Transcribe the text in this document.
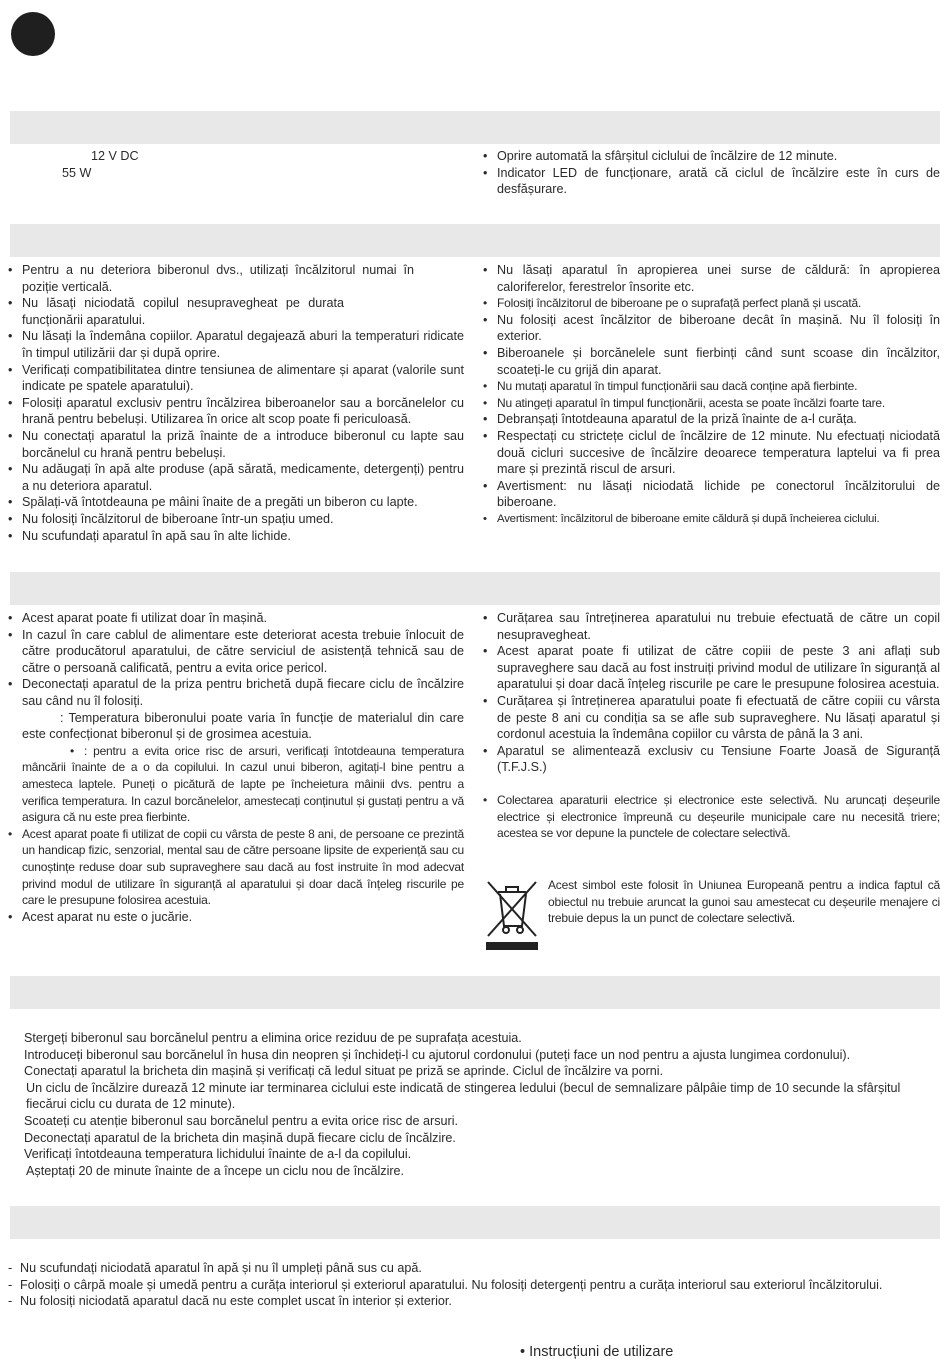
12 V DC
55 W
• Oprire automată la sfârșitul ciclului de încălzire de 12 minute.
• Indicator LED de funcționare, arată că ciclul de încălzire este în curs de desfășurare.
• Pentru a nu deteriora biberonul dvs., utilizați încălzitorul numai în poziție verticală.
• Nu lăsați niciodată copilul nesupravegheat pe durata funcționării aparatului.
• Nu lăsați la îndemâna copiilor. Aparatul degajează aburi la temperaturi ridicate în timpul utilizării dar și după oprire.
• Verificați compatibilitatea dintre tensiunea de alimentare și aparat (valorile sunt indicate pe spatele aparatului).
• Folosiți aparatul exclusiv pentru încălzirea biberoanelor sau a borcănelelor cu hrană pentru bebeluși. Utilizarea în orice alt scop poate fi periculoasă.
• Nu conectați aparatul la priză înainte de a introduce biberonul cu lapte sau borcănelul cu hrană pentru bebeluși.
• Nu adăugați în apă alte produse (apă sărată, medicamente, detergenți) pentru a nu deteriora aparatul.
• Spălați-vă întotdeauna pe mâini înaite de a pregăti un biberon cu lapte.
• Nu folosiți încălzitorul de biberoane într-un spațiu umed.
• Nu scufundați aparatul în apă sau în alte lichide.
• Nu lăsați aparatul în apropierea unei surse de căldură: în apropierea caloriferelor, ferestrelor însorite etc.
• Folosiți încălzitorul de biberoane pe o suprafață perfect plană și uscată.
• Nu folosiți acest încălzitor de biberoane decât în mașină. Nu îl folosiți în exterior.
• Biberoanele și borcănelele sunt fierbinți când sunt scoase din încălzitor, scoateți-le cu grijă din aparat.
• Nu mutați aparatul în timpul funcționării sau dacă conține apă fierbinte.
• Nu atingeți aparatul în timpul funcționării, acesta se poate încălzi foarte tare.
• Debranșați întotdeauna aparatul de la priză înainte de a-l curăța.
• Respectați cu strictețe ciclul de încălzire de 12 minute. Nu efectuați niciodată două cicluri succesive de încălzire deoarece temperatura laptelui va fi prea mare și prezintă riscul de arsuri.
• Avertisment: nu lăsați niciodată lichide pe conectorul încălzitorului de biberoane.
• Avertisment: încălzitorul de biberoane emite căldură și după încheierea ciclului.
• Acest aparat poate fi utilizat doar în mașină.
• In cazul în care cablul de alimentare este deteriorat acesta trebuie înlocuit de către producătorul aparatului, de către serviciul de asistență tehnică sau de către o persoană calificată, pentru a evita orice pericol.
• Deconectați aparatul de la priza pentru brichetă după fiecare ciclu de încălzire sau când nu îl folosiți.
: Temperatura biberonului poate varia în funcție de materialul din care este confecționat biberonul și de grosimea acestuia.
• : pentru a evita orice risc de arsuri, verificați întotdeauna temperatura mâncării înainte de a o da copilului. In cazul unui biberon, agitați-l bine pentru a amesteca laptele. Puneți o picătură de lapte pe încheietura mâinii dvs. pentru a verifica temperatura. In cazul borcănelelor, amestecați conținutul și gustați pentru a vă asigura că nu este prea fierbinte.
• Acest aparat poate fi utilizat de copii cu vârsta de peste 8 ani, de persoane ce prezintă un handicap fizic, senzorial, mental sau de către persoane lipsite de experiență sau cu cunoștințe reduse doar sub supraveghere sau dacă au fost instruite în mod adecvat privind modul de utilizare în siguranță al aparatului și doar dacă înțeleg riscurile pe care le presupune folosirea acestuia.
• Acest aparat nu este o jucărie.
• Curățarea sau întreținerea aparatului nu trebuie efectuată de către un copil nesupravegheat.
• Acest aparat poate fi utilizat de către copiii de peste 3 ani aflați sub supraveghere sau dacă au fost instruiți privind modul de utilizare în siguranță al aparatului și doar dacă înțeleg riscurile pe care le presupune folosirea acestuia.
• Curățarea și întreținerea aparatului poate fi efectuată de către copiii cu vârsta de peste 8 ani cu condiția sa se afle sub supraveghere. Nu lăsați aparatul și cordonul acestuia la îndemâna copiilor cu vârsta de până la 3 ani.
• Aparatul se alimentează exclusiv cu Tensiune Foarte Joasă de Siguranță (T.F.J.S.)
• Colectarea aparaturii electrice și electronice este selectivă. Nu aruncați deșeurile electrice și electronice împreună cu deșeurile municipale care nu necesită triere; acestea se vor depune la punctele de colectare selectivă.
Acest simbol este folosit în Uniunea Europeană pentru a indica faptul că obiectul nu trebuie aruncat la gunoi sau amestecat cu deșeurile menajere ci trebuie depus la un punct de colectare selectivă.

Stergeți biberonul sau borcănelul pentru a elimina orice reziduu de pe suprafața acestuia.

Introduceți biberonul sau borcănelul în husa din neopren și închideți-l cu ajutorul cordonului (puteți face un nod pentru a ajusta lungimea cordonului).

Conectați aparatul la bricheta din mașină și verificați că ledul situat pe priză se aprinde. Ciclul de încălzire va porni.

Un ciclu de încălzire durează 12 minute iar terminarea ciclului este indicată de stingerea ledului (becul de semnalizare pâlpâie timp de 10 secunde la sfârșitul fiecărui ciclu cu durata de 12 minute).

Scoateți cu atenție biberonul sau borcănelul pentru a evita orice risc de arsuri.

Deconectați aparatul de la bricheta din mașină după fiecare ciclu de încălzire.

Verificați întotdeauna temperatura lichidului înainte de a-l da copilului.

Așteptați 20 de minute înainte de a începe un ciclu nou de încălzire.

- Nu scufundați niciodată aparatul în apă și nu îl umpleți până sus cu apă.
- Folosiți o cârpă moale și umedă pentru a curăța interiorul și exteriorul aparatului. Nu folosiți detergenți pentru a curăța interiorul sau exteriorul încălzitorului.
- Nu folosiți niciodată aparatul dacă nu este complet uscat în interior și exterior.
• Instrucțiuni de utilizare
